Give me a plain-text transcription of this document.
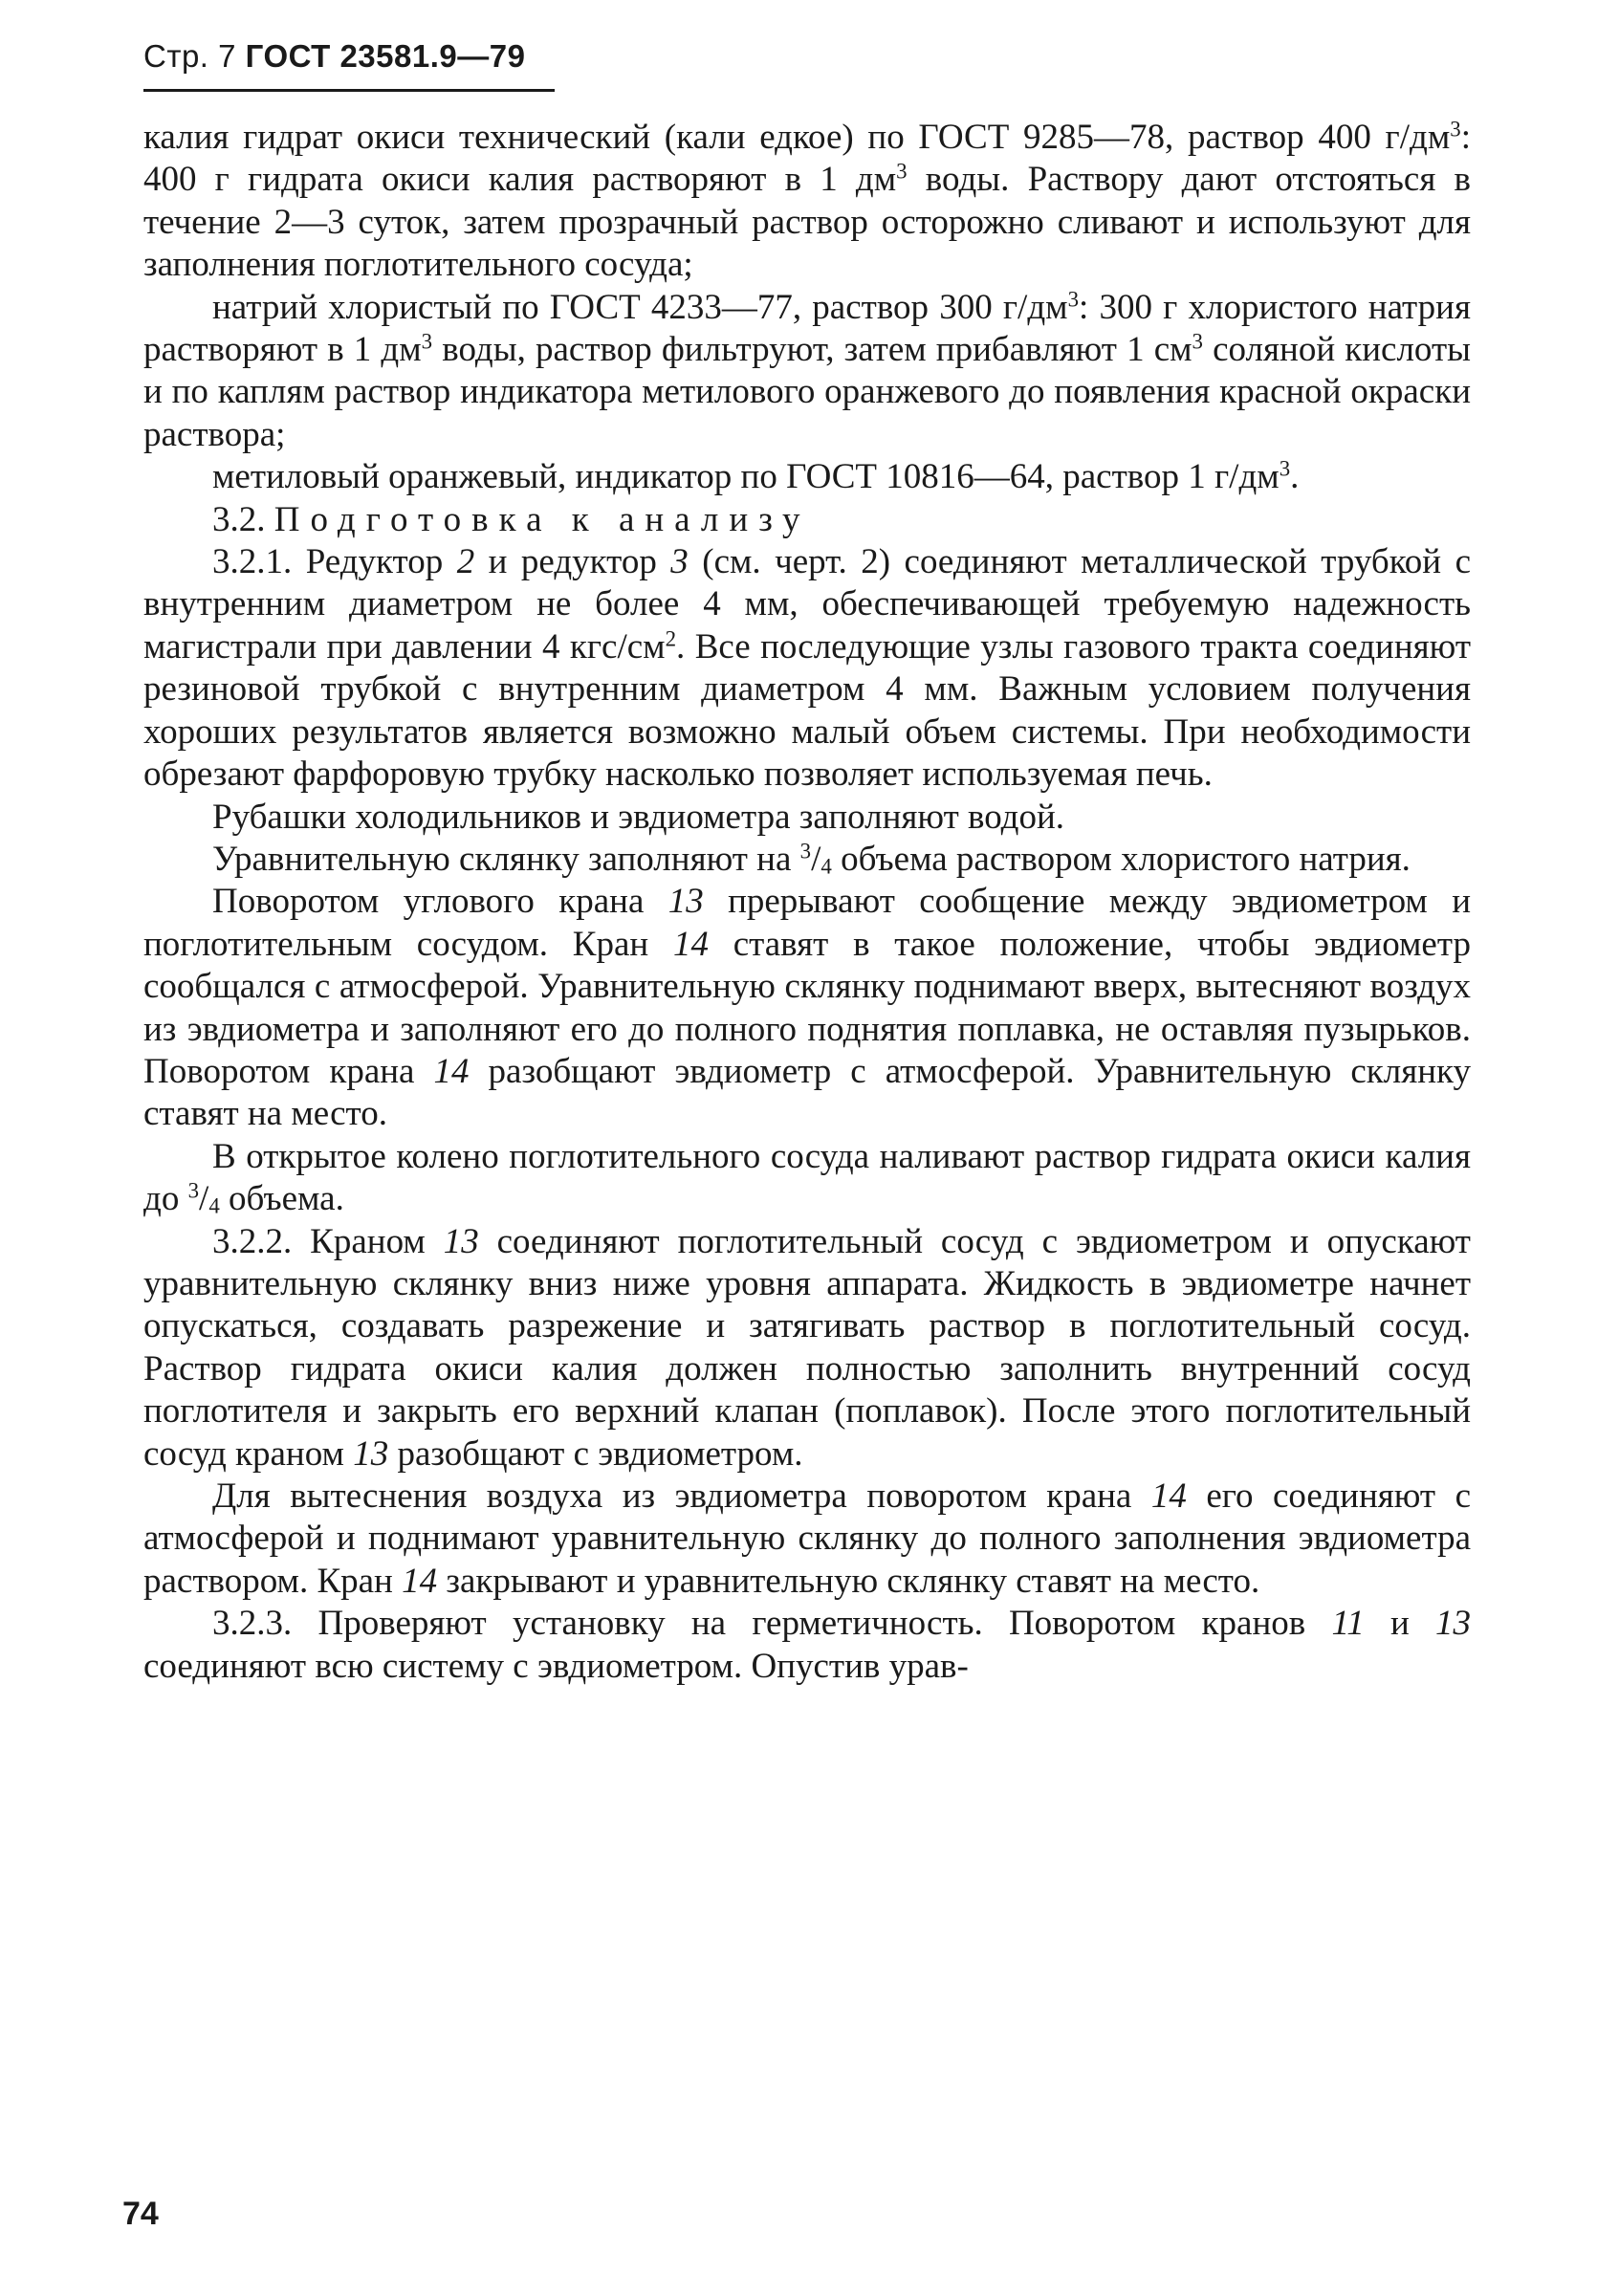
Стр. 7 ГОСТ 23581.9—79

калия гидрат окиси технический (кали едкое) по ГОСТ 9285—78, раствор 400 $г/дм^3$: 400 г гидрата окиси калия растворяют в 1 $дм^3$ воды. Раствору дают отстояться в течение 2—3 суток, затем прозрачный раствор осторожно сливают и используют для заполнения поглотительного сосуда;

натрий хлористый по ГОСТ 4233—77, раствор 300 $г/дм^3$: 300 г хлористого натрия растворяют в 1 $дм^3$ воды, раствор фильтруют, затем прибавляют 1 $см^3$ соляной кислоты и по каплям раствор индикатора метилового оранжевого до появления красной окраски раствора;

метиловый оранжевый, индикатор по ГОСТ 10816—64, раствор 1 $г/дм^3$.

3.2. Подготовка к анализу

3.2.1. Редуктор 2 и редуктор 3 (см. черт. 2) соединяют металлической трубкой с внутренним диаметром не более 4 мм, обеспечивающей требуемую надежность магистрали при давлении 4 кгс/$см^2$. Все последующие узлы газового тракта соединяют резиновой трубкой с внутренним диаметром 4 мм. Важным условием получения хороших результатов является возможно малый объем системы. При необходимости обрезают фарфоровую трубку насколько позволяет используемая печь.

Рубашки холодильников и эвдиометра заполняют водой.

Уравнительную склянку заполняют на $^3/_4$ объема раствором хлористого натрия.

Поворотом углового крана 13 прерывают сообщение между эвдиометром и поглотительным сосудом. Кран 14 ставят в такое положение, чтобы эвдиометр сообщался с атмосферой. Уравнительную склянку поднимают вверх, вытесняют воздух из эвдиометра и заполняют его до полного поднятия поплавка, не оставляя пузырьков. Поворотом крана 14 разобщают эвдиометр с атмосферой. Уравнительную склянку ставят на место.

В открытое колено поглотительного сосуда наливают раствор гидрата окиси калия до $^3/_4$ объема.

3.2.2. Краном 13 соединяют поглотительный сосуд с эвдиометром и опускают уравнительную склянку вниз ниже уровня аппарата. Жидкость в эвдиометре начнет опускаться, создавать разрежение и затягивать раствор в поглотительный сосуд. Раствор гидрата окиси калия должен полностью заполнить внутренний сосуд поглотителя и закрыть его верхний клапан (поплавок). После этого поглотительный сосуд краном 13 разобщают с эвдиометром.

Для вытеснения воздуха из эвдиометра поворотом крана 14 его соединяют с атмосферой и поднимают уравнительную склянку до полного заполнения эвдиометра раствором. Кран 14 закрывают и уравнительную склянку ставят на место.

3.2.3. Проверяют установку на герметичность. Поворотом кранов 11 и 13 соединяют всю систему с эвдиометром. Опустив урав-

74
